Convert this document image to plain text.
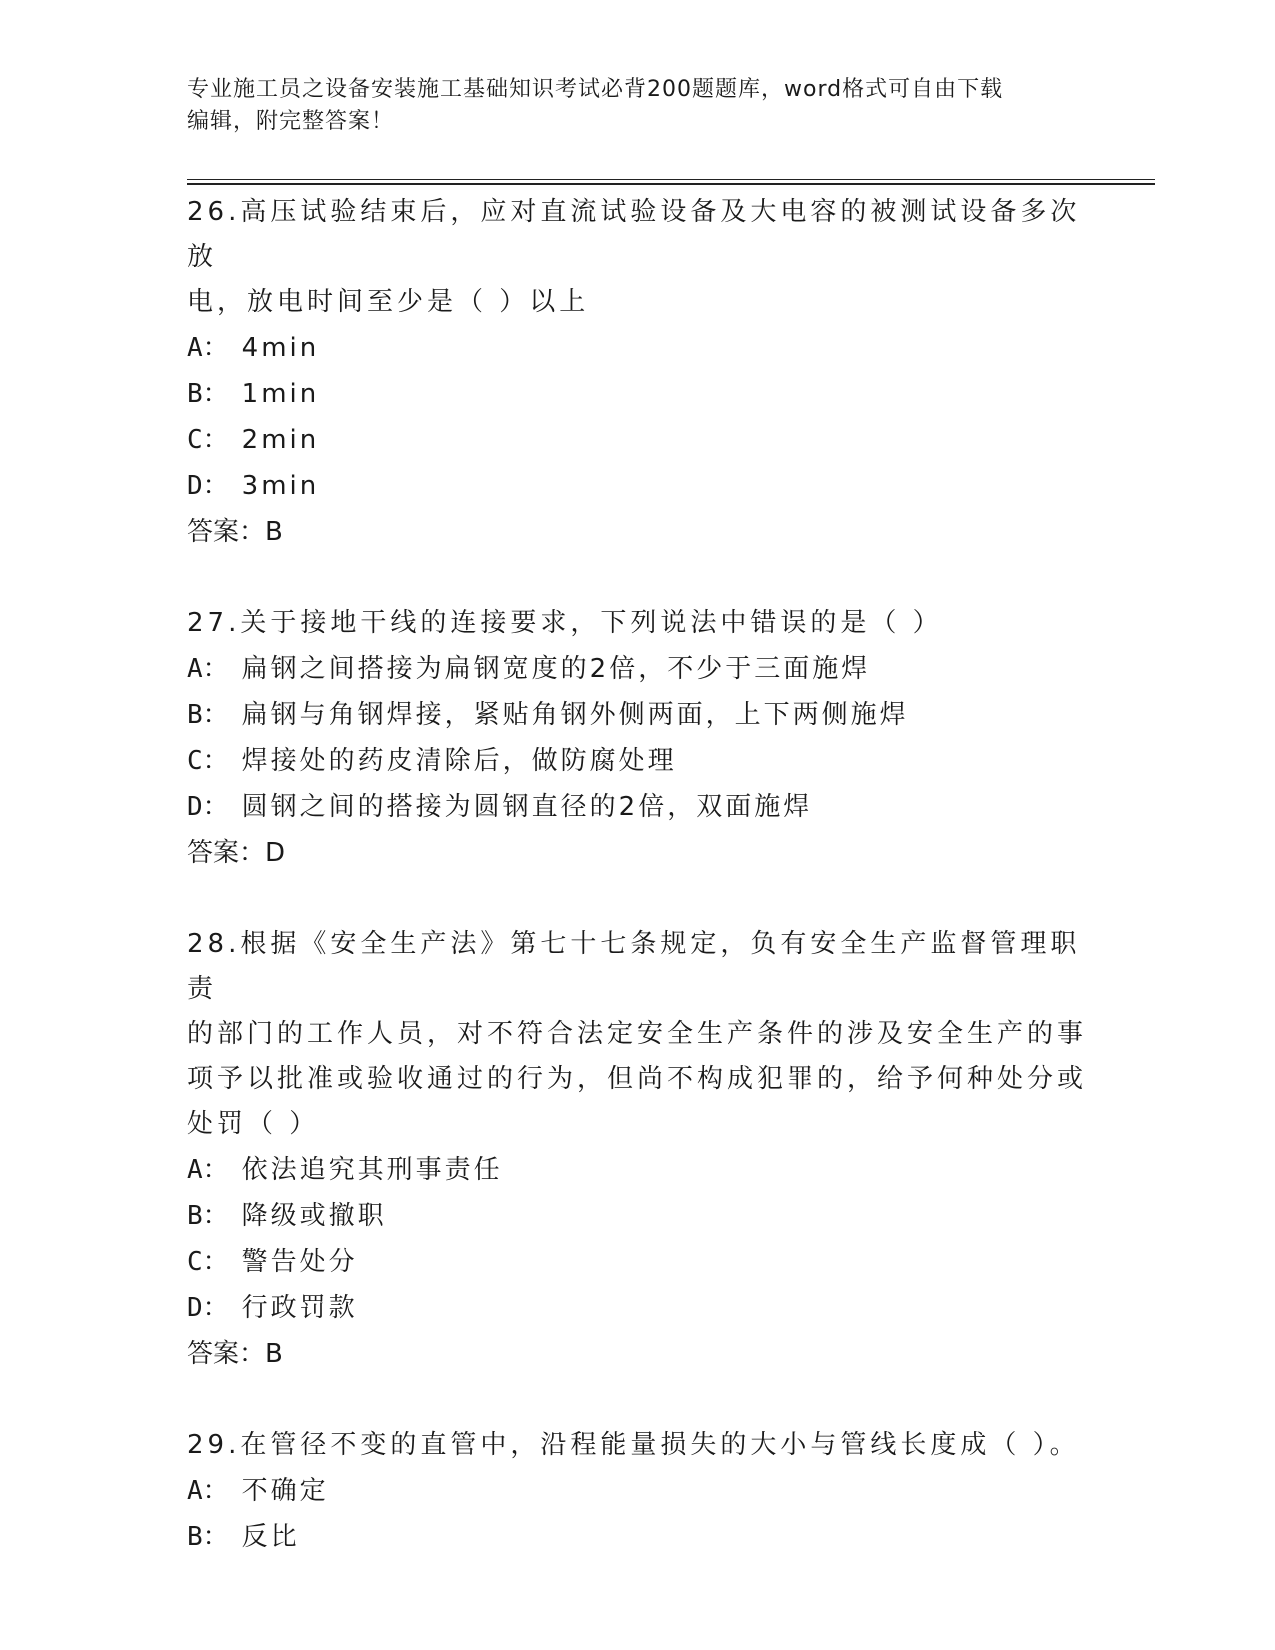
专业施工员之设备安装施工基础知识考试必背200题题库，word格式可自由下载
编辑，附完整答案！

26.高压试验结束后，应对直流试验设备及大电容的被测试设备多次放

电，放电时间至少是（ ）以上

A： 4min

B： 1min

C： 2min

D： 3min

答案：B

27.关于接地干线的连接要求，下列说法中错误的是（ ）

A： 扁钢之间搭接为扁钢宽度的2倍，不少于三面施焊

B： 扁钢与角钢焊接，紧贴角钢外侧两面，上下两侧施焊

C： 焊接处的药皮清除后，做防腐处理

D： 圆钢之间的搭接为圆钢直径的2倍，双面施焊

答案：D

28.根据《安全生产法》第七十七条规定，负有安全生产监督管理职责

的部门的工作人员，对不符合法定安全生产条件的涉及安全生产的事

项予以批准或验收通过的行为，但尚不构成犯罪的，给予何种处分或

处罚（ ）

A： 依法追究其刑事责任

B： 降级或撤职

C： 警告处分

D： 行政罚款

答案：B

29.在管径不变的直管中，沿程能量损失的大小与管线长度成（ ）。

A： 不确定

B： 反比
